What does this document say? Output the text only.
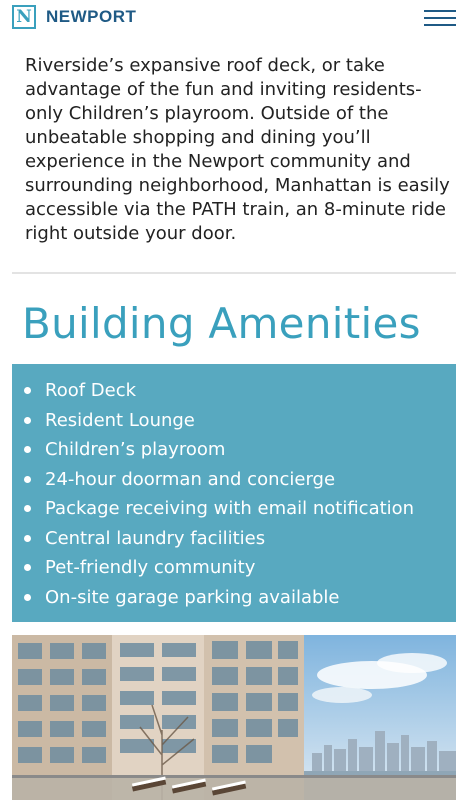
N NEWPORT

Riverside’s expansive roof deck, or take advantage of the fun and inviting residents-only Children’s playroom. Outside of the unbeatable shopping and dining you’ll experience in the Newport community and surrounding neighborhood, Manhattan is easily accessible via the PATH train, an 8-minute ride right outside your door.

Building Amenities
Roof Deck
Resident Lounge
Children’s playroom
24-hour doorman and concierge
Package receiving with email notification
Central laundry facilities
Pet-friendly community
On-site garage parking available
